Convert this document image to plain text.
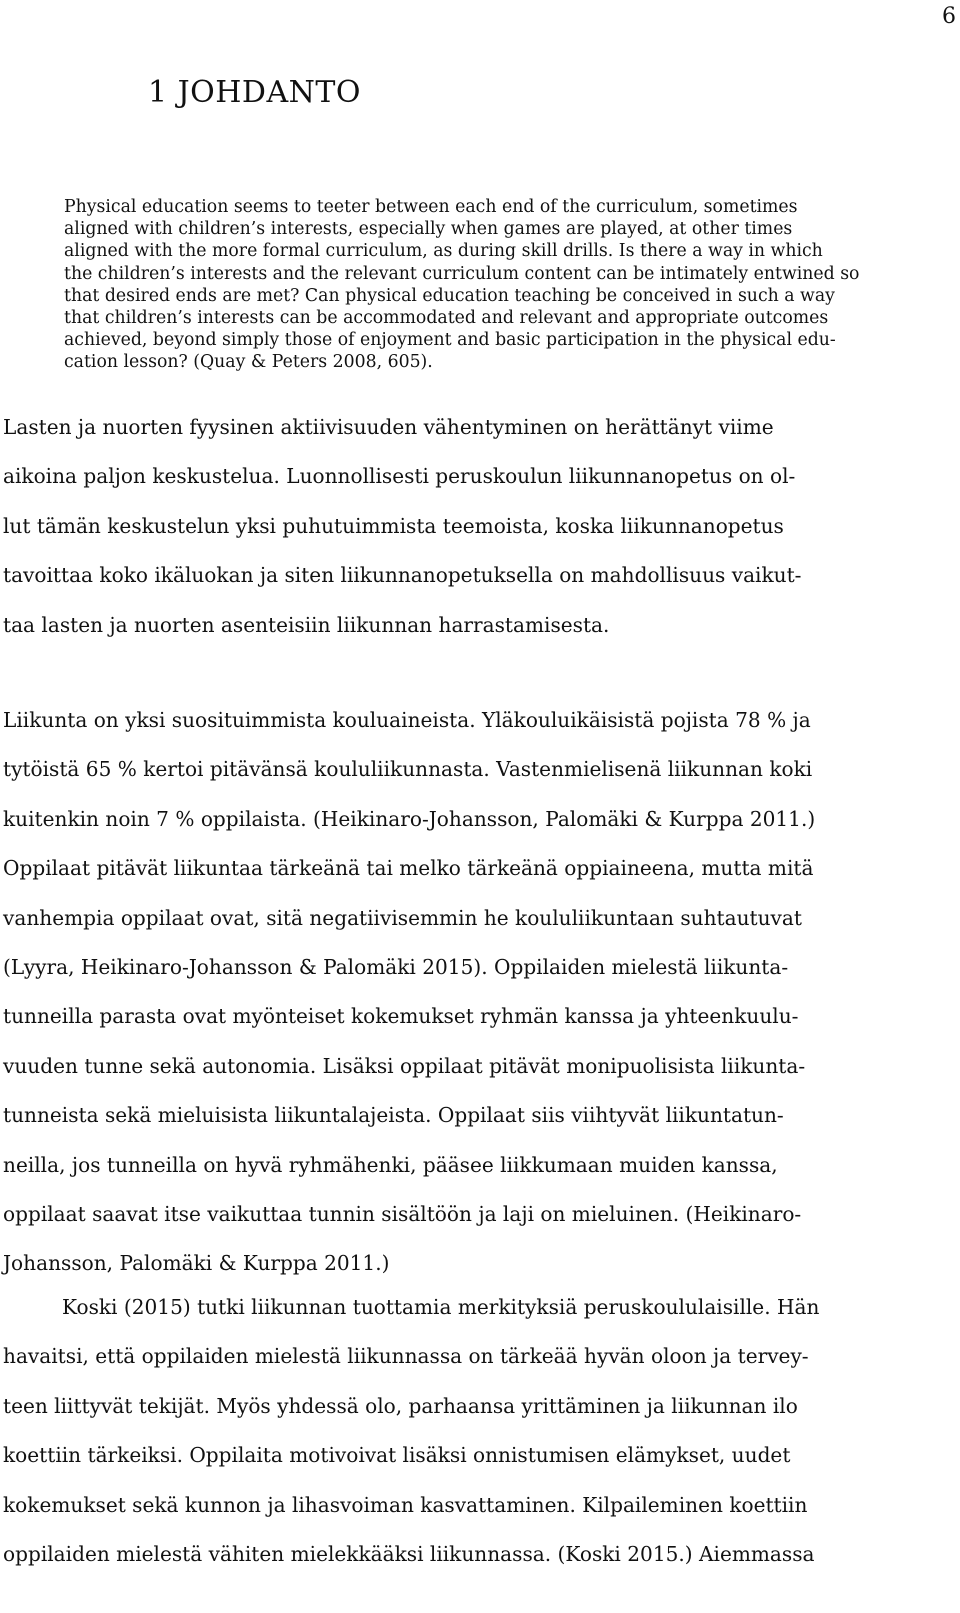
6
1 JOHDANTO
Physical education seems to teeter between each end of the curriculum, sometimes
aligned with children’s interests, especially when games are played, at other times
aligned with the more formal curriculum, as during skill drills. Is there a way in which
the children’s interests and the relevant curriculum content can be intimately entwined so
that desired ends are met? Can physical education teaching be conceived in such a way
that children’s interests can be accommodated and relevant and appropriate outcomes
achieved, beyond simply those of enjoyment and basic participation in the physical edu-
cation lesson? (Quay & Peters 2008, 605).
Lasten ja nuorten fyysinen aktiivisuuden vähentyminen on herättänyt viime
aikoina paljon keskustelua. Luonnollisesti peruskoulun liikunnanopetus on ol-
lut tämän keskustelun yksi puhutuimmista teemoista, koska liikunnanopetus
tavoittaa koko ikäluokan ja siten liikunnanopetuksella on mahdollisuus vaikut-
taa lasten ja nuorten asenteisiin liikunnan harrastamisesta.
Liikunta on yksi suosituimmista kouluaineista. Yläkouluikäisistä pojista 78 % ja
tytöistä 65 % kertoi pitävänsä koululiikunnasta. Vastenmielisenä liikunnan koki
kuitenkin noin 7 % oppilaista. (Heikinaro-Johansson, Palomäki & Kurppa 2011.)
Oppilaat pitävät liikuntaa tärkeänä tai melko tärkeänä oppiaineena, mutta mitä
vanhempia oppilaat ovat, sitä negatiivisemmin he koululiikuntaan suhtautuvat
(Lyyra, Heikinaro-Johansson & Palomäki 2015). Oppilaiden mielestä liikunta-
tunneilla parasta ovat myönteiset kokemukset ryhmän kanssa ja yhteenkuulu-
vuuden tunne sekä autonomia. Lisäksi oppilaat pitävät monipuolisista liikunta-
tunneista sekä mieluisista liikuntalajeista. Oppilaat siis viihtyvät liikuntatun-
neilla, jos tunneilla on hyvä ryhmähenki, pääsee liikkumaan muiden kanssa,
oppilaat saavat itse vaikuttaa tunnin sisältöön ja laji on mieluinen. (Heikinaro-
Johansson, Palomäki & Kurppa 2011.)
Koski (2015) tutki liikunnan tuottamia merkityksiä peruskoululaisille. Hän
havaitsi, että oppilaiden mielestä liikunnassa on tärkeää hyvän oloon ja tervey-
teen liittyvät tekijät. Myös yhdessä olo, parhaansa yrittäminen ja liikunnan ilo
koettiin tärkeiksi. Oppilaita motivoivat lisäksi onnistumisen elämykset, uudet
kokemukset sekä kunnon ja lihasvoiman kasvattaminen. Kilpaileminen koettiin
oppilaiden mielestä vähiten mielekkääksi liikunnassa. (Koski 2015.) Aiemmassa
